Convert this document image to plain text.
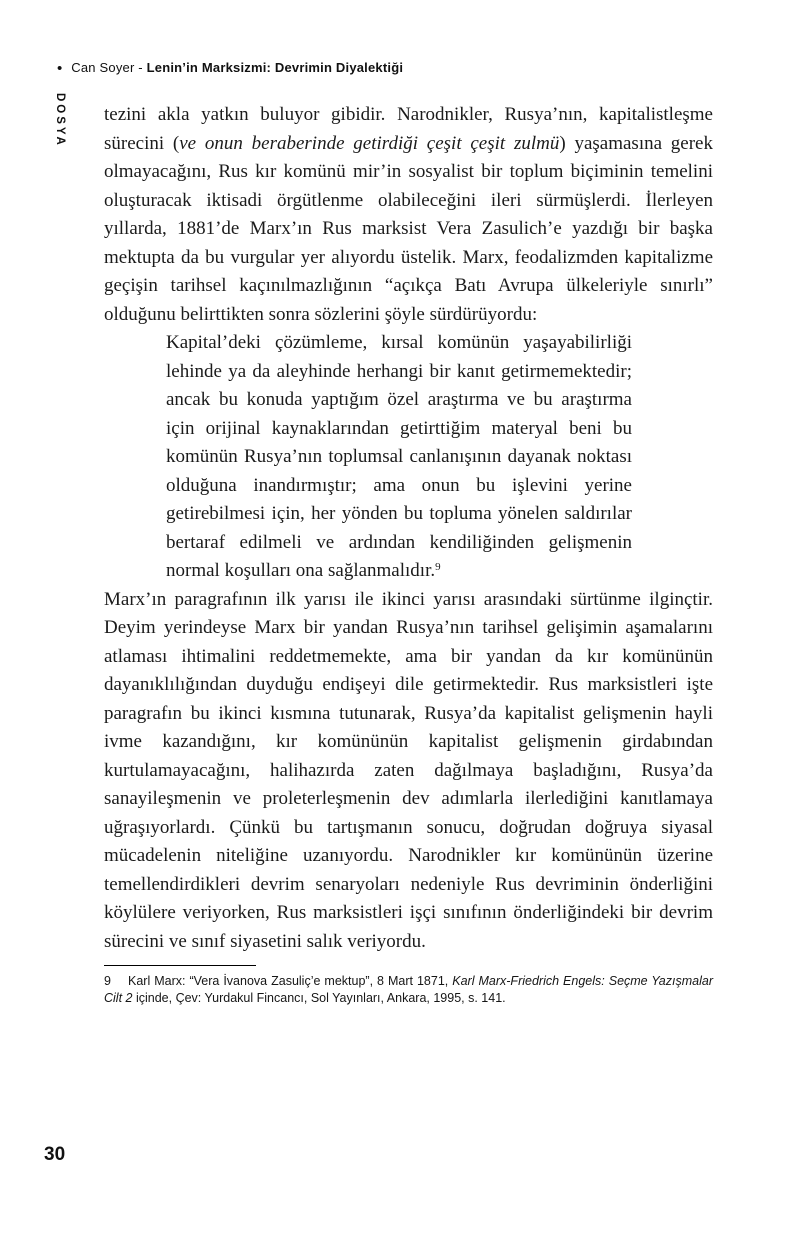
• Can Soyer - Lenin’in Marksizmi: Devrimin Diyalektiği
DOSYA tezini akla yatkın buluyor gibidir. Narodnikler, Rusya’nın, kapitalistleşme sürecini (ve onun beraberinde getirdiği çeşit çeşit zulmü) yaşamasına gerek olmayacağını, Rus kır komünü mir’in sosyalist bir toplum biçiminin temelini oluşturacak iktisadi örgütlenme olabileceğini ileri sürmüşlerdi. İlerleyen yıllarda, 1881’de Marx’ın Rus marksist Vera Zasulich’e yazdığı bir başka mektupta da bu vurgular yer alıyordu üstelik. Marx, feodalizmden kapitalizme geçişin tarihsel kaçınılmazlığının “açıkça Batı Avrupa ülkeleriyle sınırlı” olduğunu belirttikten sonra sözlerini şöyle sürdürüyordu:

Kapital’deki çözümleme, kırsal komünün yaşayabilirliği lehinde ya da aleyhinde herhangi bir kanıt getirmemektedir; ancak bu konuda yaptığım özel araştırma ve bu araştırma için orijinal kaynaklarından getirttiğim materyal beni bu komünün Rusya’nın toplumsal canlanışının dayanak noktası olduğuna inandırmıştır; ama onun bu işlevini yerine getirebilmesi için, her yönden bu topluma yönelen saldırılar bertaraf edilmeli ve ardından kendiliğinden gelişmenin normal koşulları ona sağlanmalıdır.$^9$

Marx’ın paragrafının ilk yarısı ile ikinci yarısı arasındaki sürtünme ilginçtir. Deyim yerindeyse Marx bir yandan Rusya’nın tarihsel gelişimin aşamalarını atlaması ihtimalini reddetmemekte, ama bir yandan da kır komününün dayanıklılığından duyduğu endişeyi dile getirmektedir. Rus marksistleri işte paragrafın bu ikinci kısmına tutunarak, Rusya’da kapitalist gelişmenin hayli ivme kazandığını, kır komününün kapitalist gelişmenin girdabından kurtulamayacağını, halihazırda zaten dağılmaya başladığını, Rusya’da sanayileşmenin ve proleterleşmenin dev adımlarla ilerlediğini kanıtlamaya uğraşıyorlardı. Çünkü bu tartışmanın sonucu, doğrudan doğruya siyasal mücadelenin niteliğine uzanıyordu. Narodnikler kır komününün üzerine temellendirdikleri devrim senaryoları nedeniyle Rus devriminin önderliğini köylülere veriyorken, Rus marksistleri işçi sınıfının önderliğindeki bir devrim sürecini ve sınıf siyasetini salık veriyordu.

9 Karl Marx: “Vera İvanova Zasuliç’e mektup”, 8 Mart 1871, Karl Marx-Friedrich Engels: Seçme Yazışmalar Cilt 2 içinde, Çev: Yurdakul Fincancı, Sol Yayınları, Ankara, 1995, s. 141.

30
